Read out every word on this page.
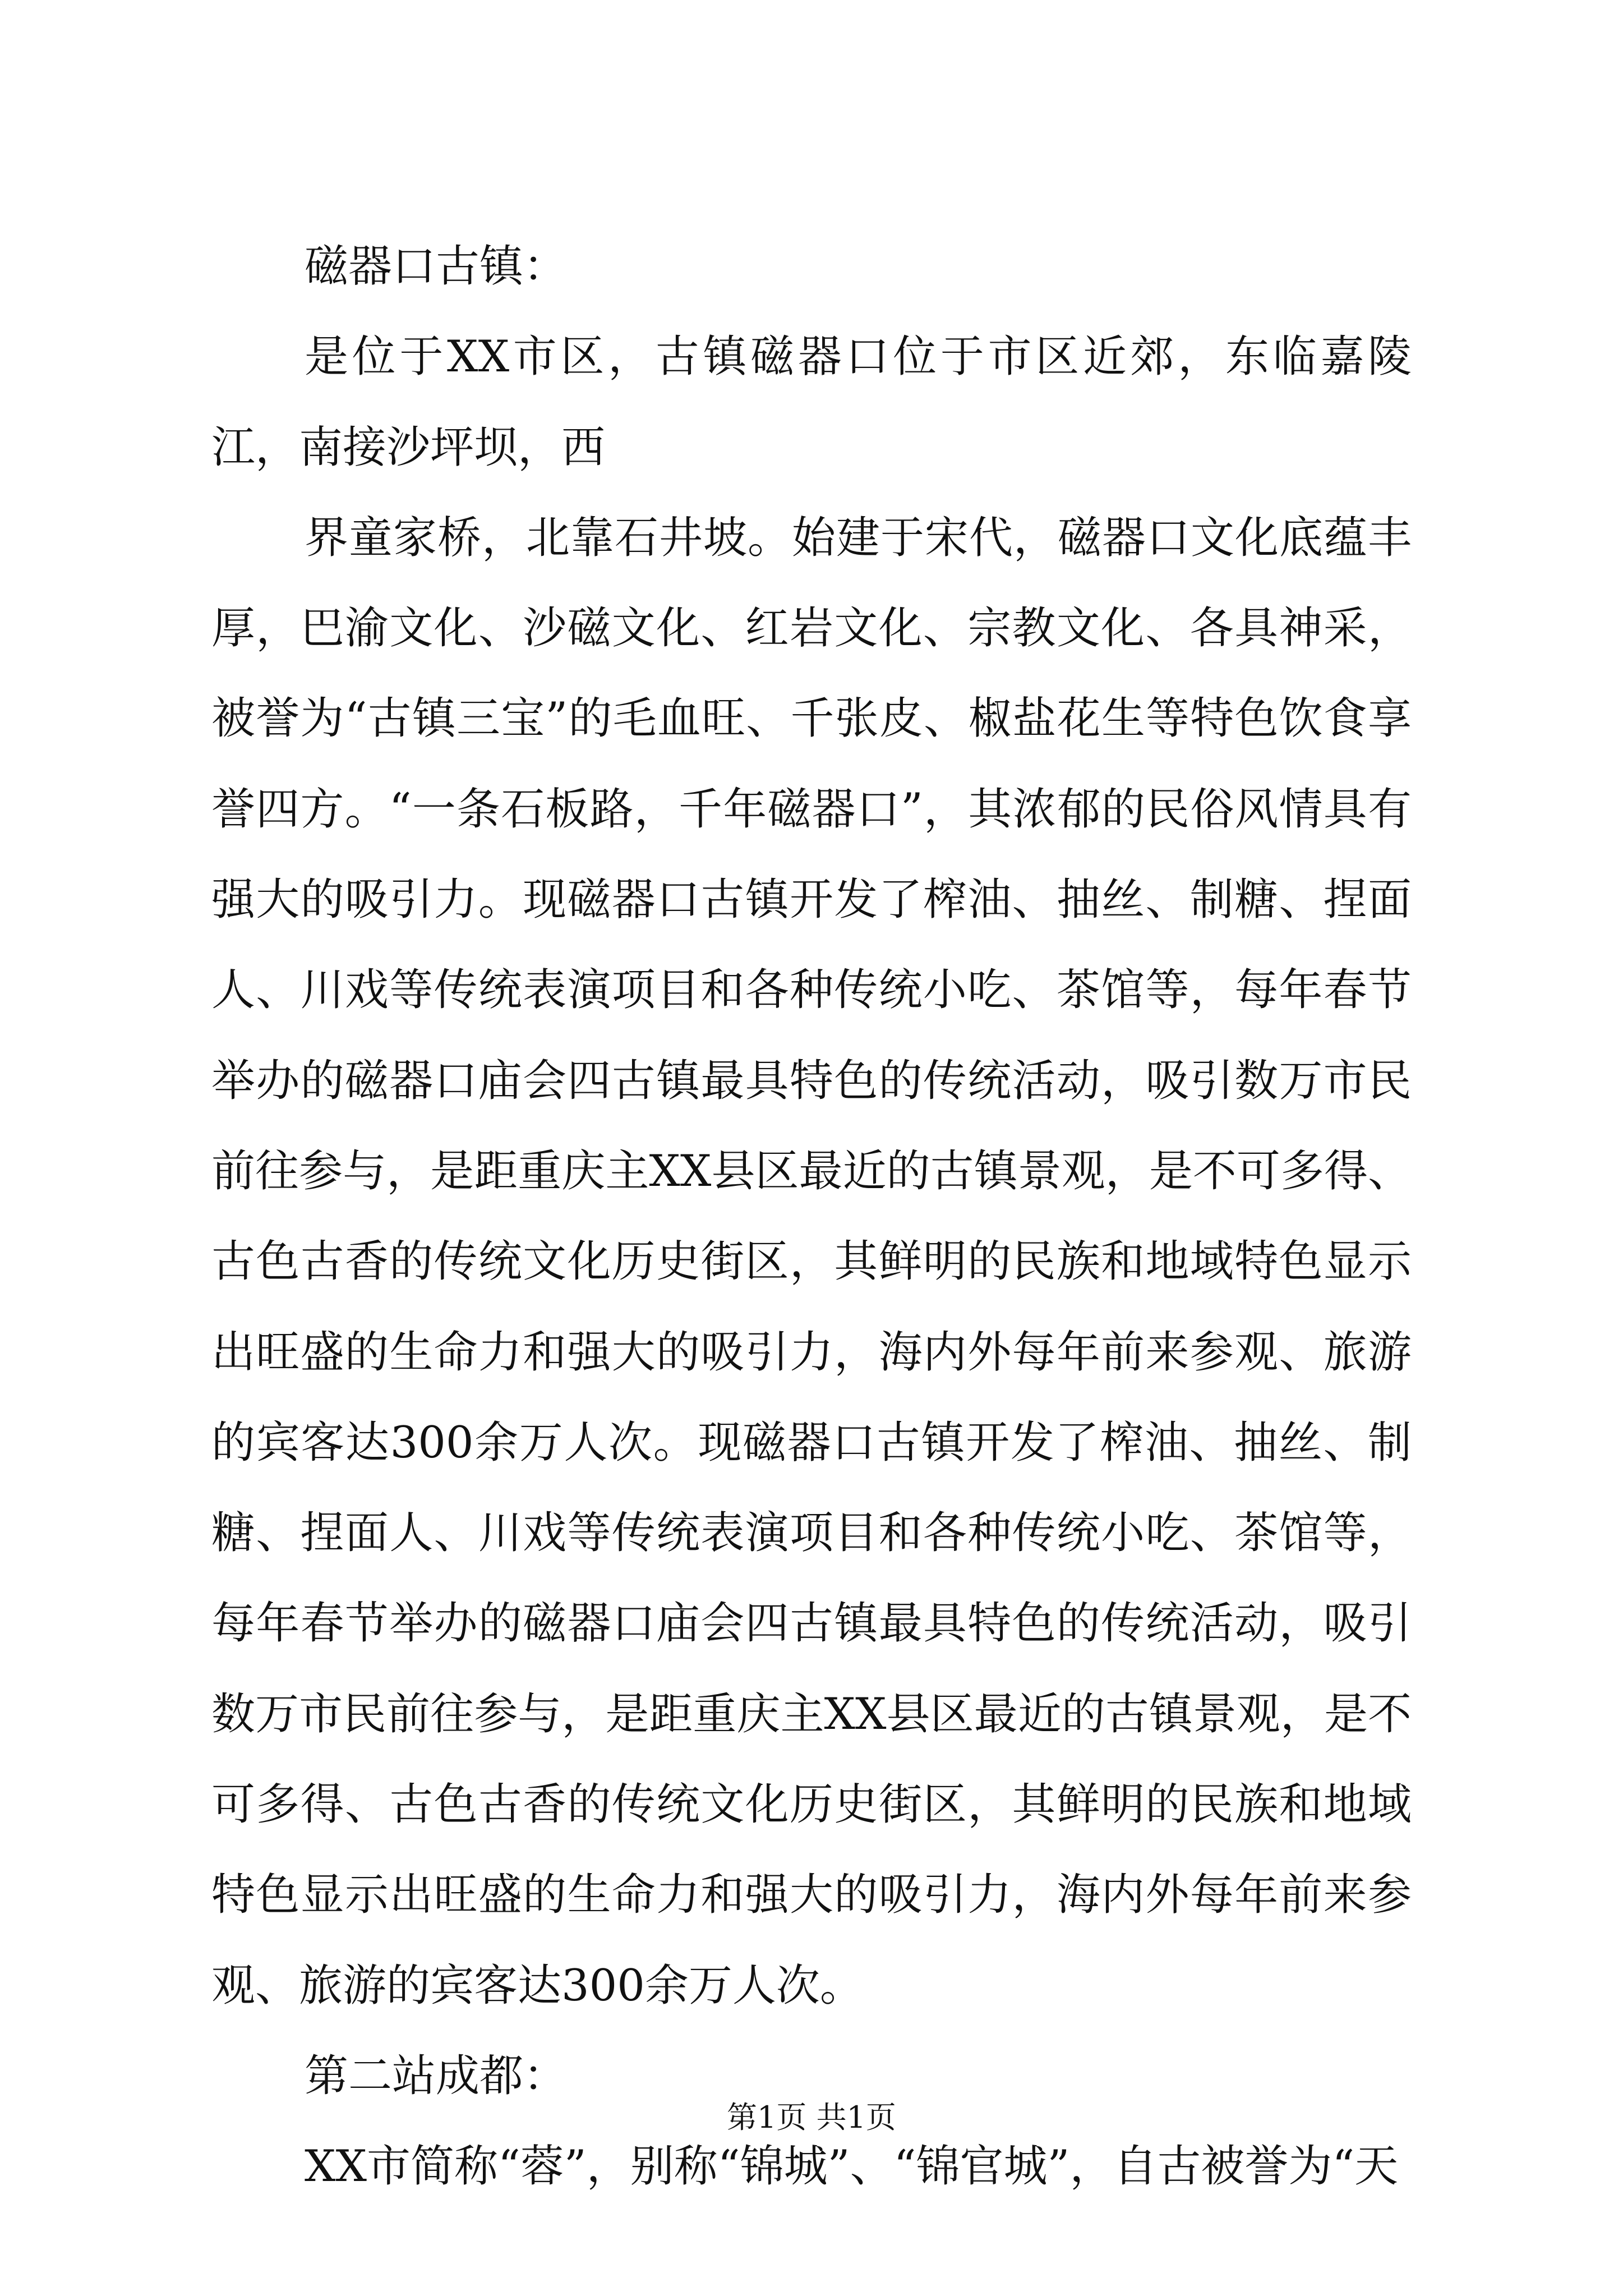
磁器口古镇：

是位于XX市区，古镇磁器口位于市区近郊，东临嘉陵江，南接沙坪坝，西

界童家桥，北靠石井坡。始建于宋代，磁器口文化底蕴丰厚，巴渝文化、沙磁文化、红岩文化、宗教文化、各具神采，被誉为“古镇三宝”的毛血旺、千张皮、椒盐花生等特色饮食享誉四方。“一条石板路，千年磁器口”，其浓郁的民俗风情具有强大的吸引力。现磁器口古镇开发了榨油、抽丝、制糖、捏面人、川戏等传统表演项目和各种传统小吃、茶馆等，每年春节举办的磁器口庙会四古镇最具特色的传统活动，吸引数万市民前往参与，是距重庆主XX县区最近的古镇景观，是不可多得、古色古香的传统文化历史街区，其鲜明的民族和地域特色显示出旺盛的生命力和强大的吸引力，海内外每年前来参观、旅游的宾客达300余万人次。现磁器口古镇开发了榨油、抽丝、制糖、捏面人、川戏等传统表演项目和各种传统小吃、茶馆等，每年春节举办的磁器口庙会四古镇最具特色的传统活动，吸引数万市民前往参与，是距重庆主XX县区最近的古镇景观，是不可多得、古色古香的传统文化历史街区，其鲜明的民族和地域特色显示出旺盛的生命力和强大的吸引力，海内外每年前来参观、旅游的宾客达300余万人次。

第二站成都：

XX市简称“蓉”，别称“锦城”、“锦官城”，自古被誉为“天

第1页 共1页
